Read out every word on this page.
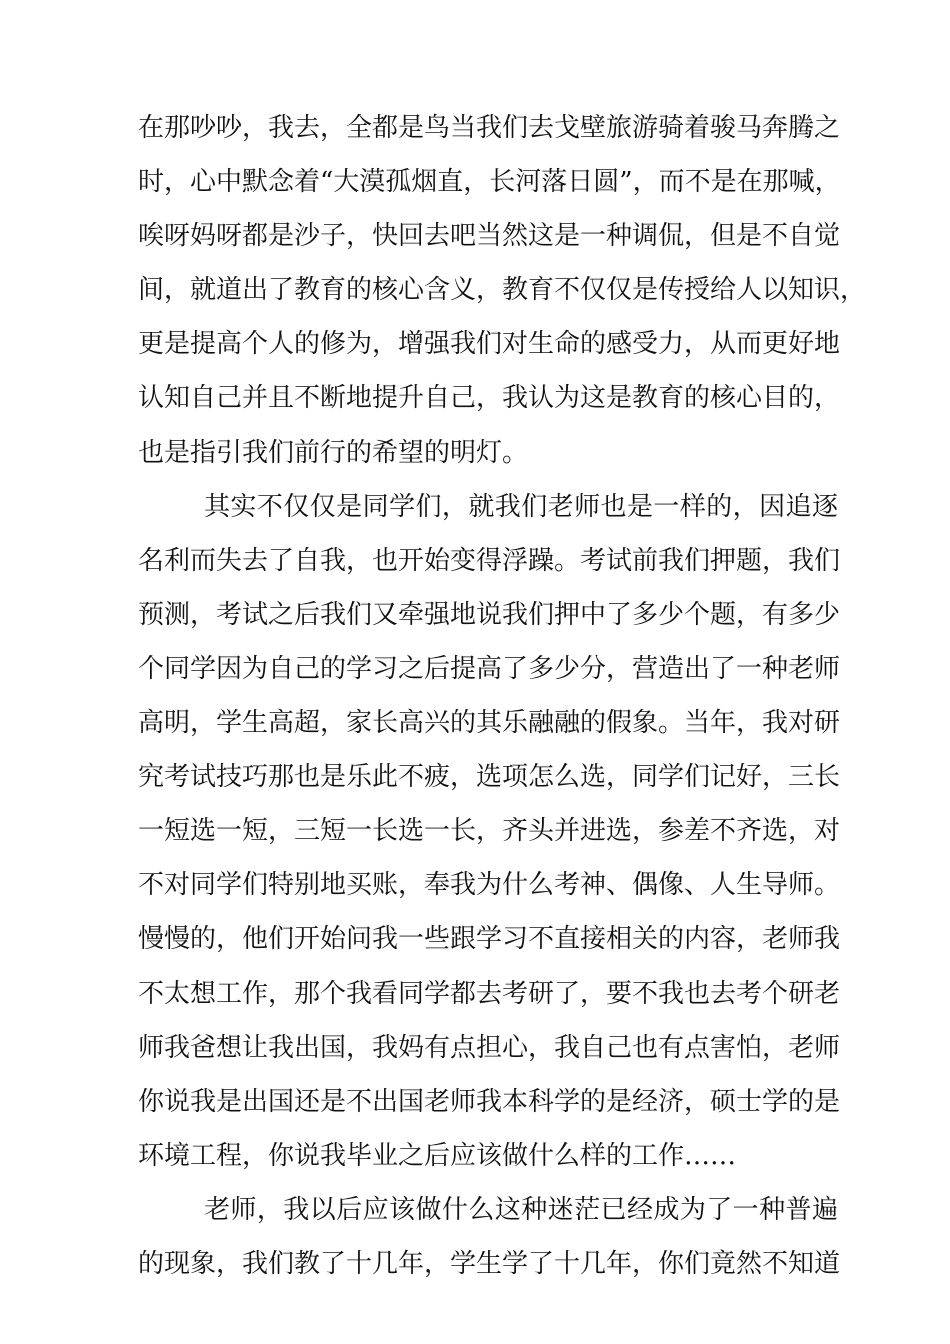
在那吵吵，我去，全都是鸟当我们去戈壁旅游骑着骏马奔腾之
时，心中默念着“大漠孤烟直，长河落日圆”，而不是在那喊，
唉呀妈呀都是沙子，快回去吧当然这是一种调侃，但是不自觉
间，就道出了教育的核心含义，教育不仅仅是传授给人以知识，
更是提高个人的修为，增强我们对生命的感受力，从而更好地
认知自己并且不断地提升自己，我认为这是教育的核心目的，
也是指引我们前行的希望的明灯。
其实不仅仅是同学们，就我们老师也是一样的，因追逐
名利而失去了自我，也开始变得浮躁。考试前我们押题，我们
预测，考试之后我们又牵强地说我们押中了多少个题，有多少
个同学因为自己的学习之后提高了多少分，营造出了一种老师
高明，学生高超，家长高兴的其乐融融的假象。当年，我对研
究考试技巧那也是乐此不疲，选项怎么选，同学们记好，三长
一短选一短，三短一长选一长，齐头并进选，参差不齐选，对
不对同学们特别地买账，奉我为什么考神、偶像、人生导师。
慢慢的，他们开始问我一些跟学习不直接相关的内容，老师我
不太想工作，那个我看同学都去考研了，要不我也去考个研老
师我爸想让我出国，我妈有点担心，我自己也有点害怕，老师
你说我是出国还是不出国老师我本科学的是经济，硕士学的是
环境工程，你说我毕业之后应该做什么样的工作……
老师，我以后应该做什么这种迷茫已经成为了一种普遍
的现象，我们教了十几年，学生学了十几年，你们竟然不知道
